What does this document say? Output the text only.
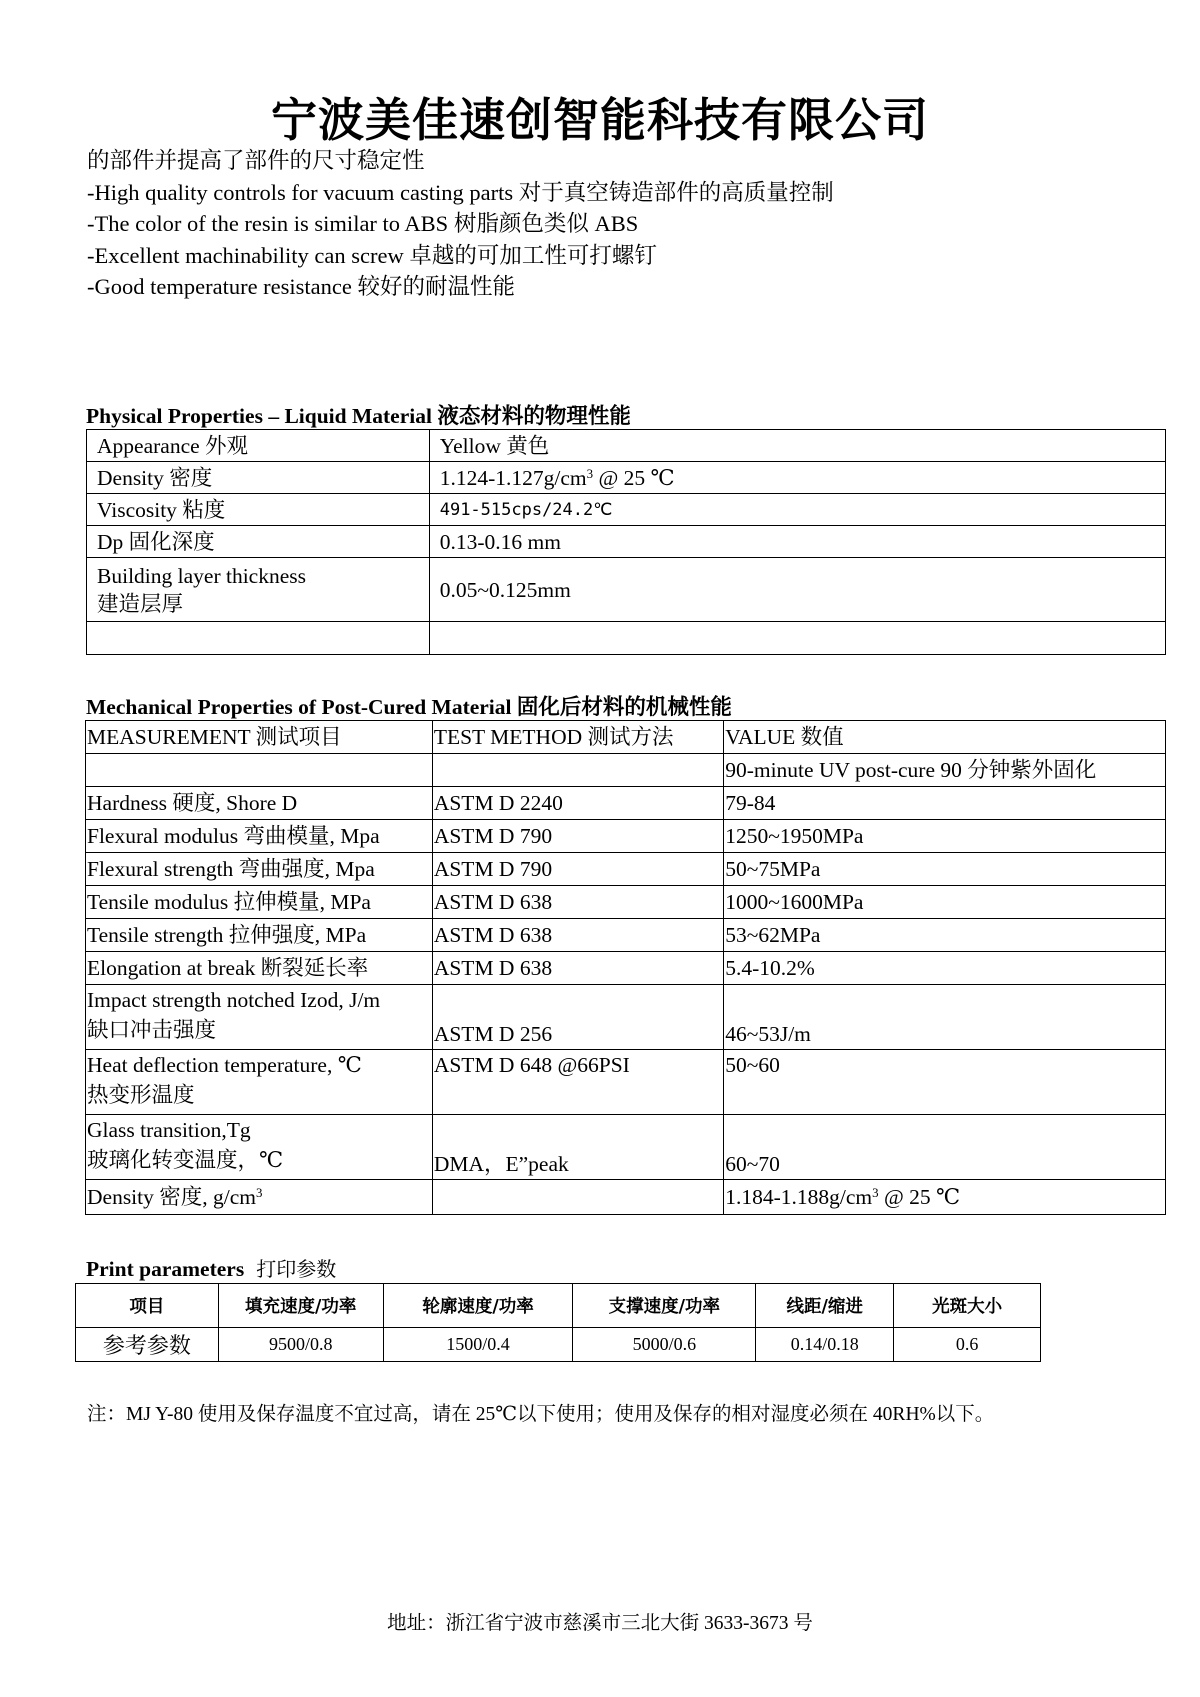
宁波美佳速创智能科技有限公司
的部件并提高了部件的尺寸稳定性
-High quality controls for vacuum casting parts 对于真空铸造部件的高质量控制
-The color of the resin is similar to ABS 树脂颜色类似 ABS
-Excellent machinability can screw 卓越的可加工性可打螺钉
-Good temperature resistance 较好的耐温性能
Physical Properties – Liquid Material 液态材料的物理性能
Appearance 外观	Yellow 黄色
Density 密度	$1.124-1.127g/cm^3$ @ 25 ℃
Viscosity 粘度	491-515cps/24.2℃
Dp 固化深度	0.13-0.16 mm

Building layer thickness
建造层厚	0.05~0.125mm

Mechanical Properties of Post-Cured Material 固化后材料的机械性能
MEASUREMENT 测试项目	TEST METHOD 测试方法	VALUE 数值
		90-minute UV post-cure 90 分钟紫外固化
Hardness 硬度, Shore D	ASTM D 2240	79-84
Flexural modulus 弯曲模量, Mpa	ASTM D 790	1250~1950MPa
Flexural strength 弯曲强度, Mpa	ASTM D 790	50~75MPa
Tensile modulus 拉伸模量, MPa	ASTM D 638	1000~1600MPa
Tensile strength 拉伸强度, MPa	ASTM D 638	53~62MPa
Elongation at break 断裂延长率	ASTM D 638	5.4-10.2%

Impact strength notched Izod, J/m
缺口冲击强度	ASTM D 256	46~53J/m

Heat deflection temperature, ℃
热变形温度	ASTM D 648 @66PSI	50~60

Glass transition,Tg
玻璃化转变温度，℃	DMA，E”peak	60~70
Density 密度, $g/cm^3$		$1.184-1.188g/cm^3$ @ 25 ℃
Print parameters 打印参数
项目	填充速度/功率	轮廓速度/功率	支撑速度/功率	线距/缩进	光斑大小
参考参数	9500/0.8	1500/0.4	5000/0.6	0.14/0.18	0.6
注：MJ Y-80 使用及保存温度不宜过高，请在 25℃以下使用；使用及保存的相对湿度必须在 40RH%以下。
地址：浙江省宁波市慈溪市三北大街 3633-3673 号
